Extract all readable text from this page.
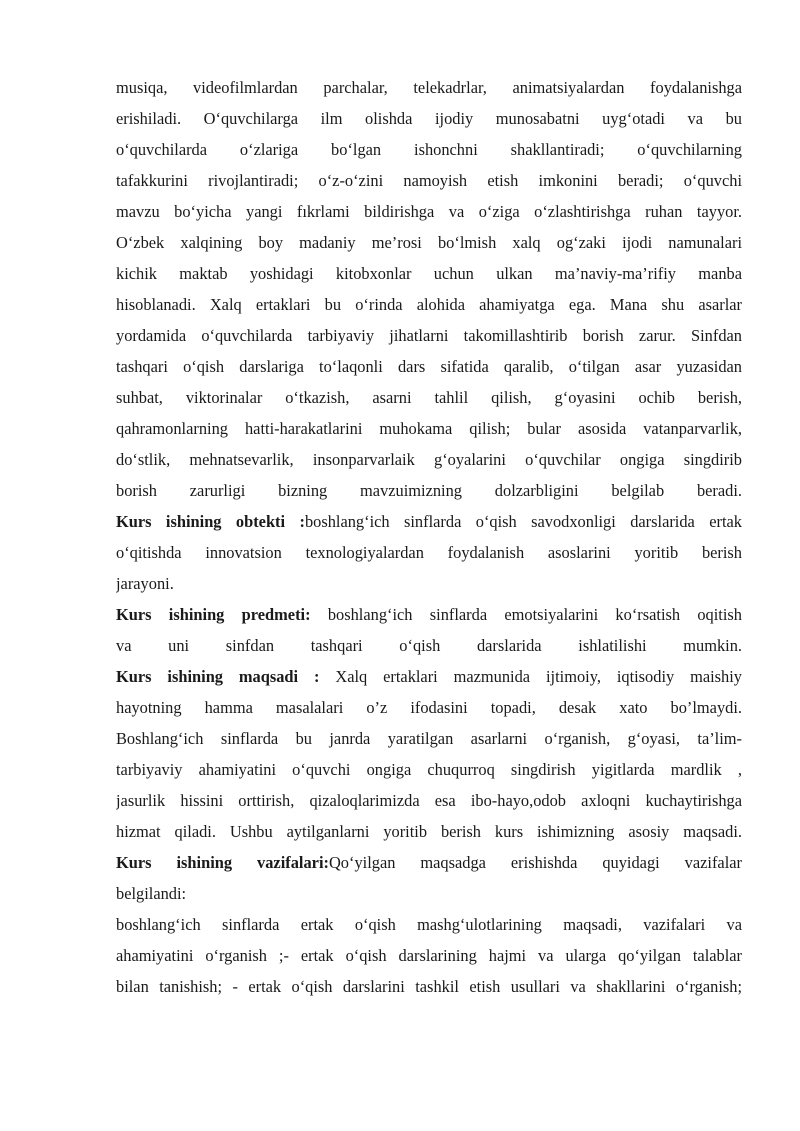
musiqa, videofilmlardan parchalar, telekadrlar, animatsiyalardan foydalanishga
erishiladi. O‘quvchilarga ilm olishda ijodiy munosabatni uyg‘otadi va bu
o‘quvchilarda o‘zlariga bo‘lgan ishonchni shakllantiradi; o‘quvchilarning
tafakkurini rivojlantiradi; o‘z-o‘zini namoyish etish imkonini beradi; o‘quvchi
mavzu bo‘yicha yangi fıkrlami bildirishga va o‘ziga o‘zlashtirishga ruhan tayyor.
O‘zbek xalqining boy madaniy me’rosi bo‘lmish xalq og‘zaki ijodi namunalari
kichik maktab yoshidagi kitobxonlar uchun ulkan ma’naviy-ma’rifiy manba
hisoblanadi. Xalq ertaklari bu o‘rinda alohida ahamiyatga ega. Mana shu asarlar
yordamida o‘quvchilarda tarbiyaviy jihatlarni takomillashtirib borish zarur. Sinfdan
tashqari o‘qish darslariga to‘laqonli dars sifatida qaralib, o‘tilgan asar yuzasidan
suhbat, viktorinalar o‘tkazish, asarni tahlil qilish, g‘oyasini ochib berish,
qahramonlarning hatti-harakatlarini muhokama qilish; bular asosida vatanparvarlik,
do‘stlik, mehnatsevarlik, insonparvarlaik g‘oyalarini o‘quvchilar ongiga singdirib
borish zarurligi bizning mavzuimizning dolzarbligini belgilab beradi.
Kurs ishining obtekti :boshlang‘ich sinflarda o‘qish savodxonligi darslarida ertak
o‘qitishda innovatsion texnologiyalardan foydalanish asoslarini yoritib berish
jarayoni.
Kurs ishining predmeti: boshlang‘ich sinflarda emotsiyalarini ko‘rsatish oqitish
va uni sinfdan tashqari o‘qish darslarida ishlatilishi mumkin.
Kurs ishining maqsadi : Xalq ertaklari mazmunida ijtimoiy, iqtisodiy maishiy
hayotning hamma masalalari o’z ifodasini topadi, desak xato bo’lmaydi.
Boshlang‘ich sinflarda bu janrda yaratilgan asarlarni o‘rganish, g‘oyasi, ta’lim-
tarbiyaviy ahamiyatini o‘quvchi ongiga chuqurroq singdirish yigitlarda mardlik ,
jasurlik hissini orttirish, qizaloqlarimizda esa ibo-hayo,odob axloqni kuchaytirishga
hizmat qiladi. Ushbu aytilganlarni yoritib berish kurs ishimizning asosiy maqsadi.
Kurs ishining vazifalari:Qo‘yilgan maqsadga erishishda quyidagi vazifalar
belgilandi:
boshlang‘ich sinflarda ertak o‘qish mashg‘ulotlarining maqsadi, vazifalari va
ahamiyatini o‘rganish ;- ertak o‘qish darslarining hajmi va ularga qo‘yilgan talablar
bilan tanishish; - ertak o‘qish darslarini tashkil etish usullari va shakllarini o‘rganish;
